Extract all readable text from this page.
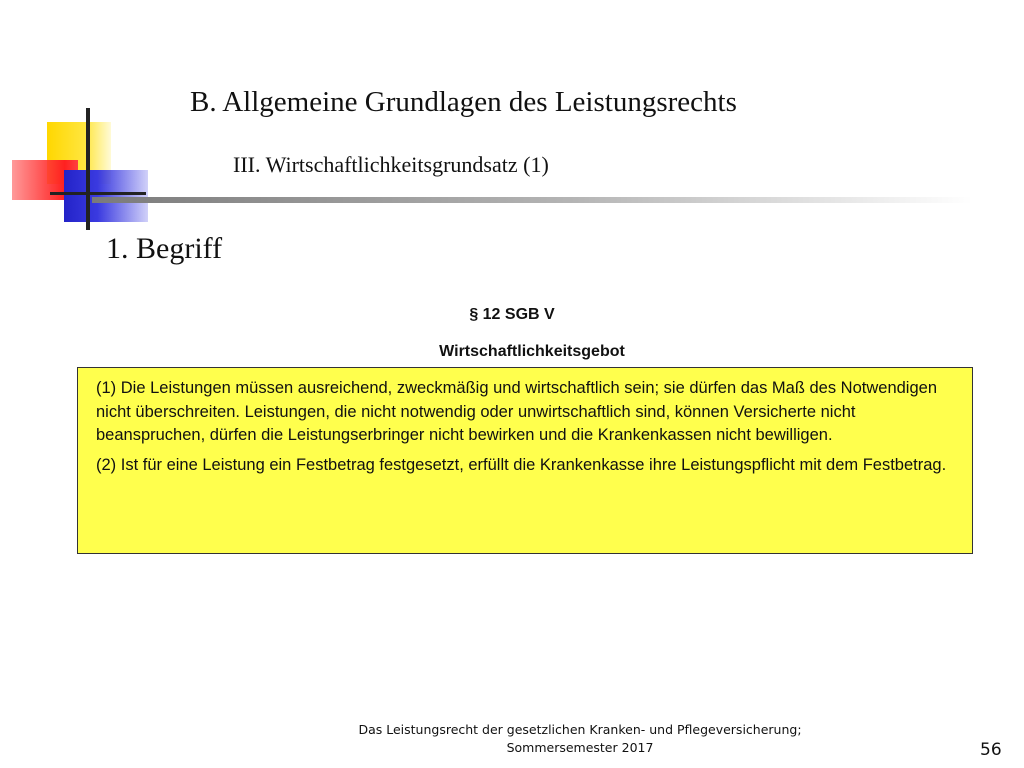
B. Allgemeine Grundlagen des Leistungsrechts
III. Wirtschaftlichkeitsgrundsatz (1)
1. Begriff
§ 12 SGB V
Wirtschaftlichkeitsgebot

(1) Die Leistungen müssen ausreichend, zweckmäßig und wirtschaftlich sein; sie dürfen das Maß des Notwendigen nicht überschreiten. Leistungen, die nicht notwendig oder unwirtschaftlich sind, können Versicherte nicht beanspruchen, dürfen die Leistungserbringer nicht bewirken und die Krankenkassen nicht bewilligen.

(2) Ist für eine Leistung ein Festbetrag festgesetzt, erfüllt die Krankenkasse ihre Leistungspflicht mit dem Festbetrag.

Das Leistungsrecht der gesetzlichen Kranken- und Pflegeversicherung;
Sommersemester 2017	56
